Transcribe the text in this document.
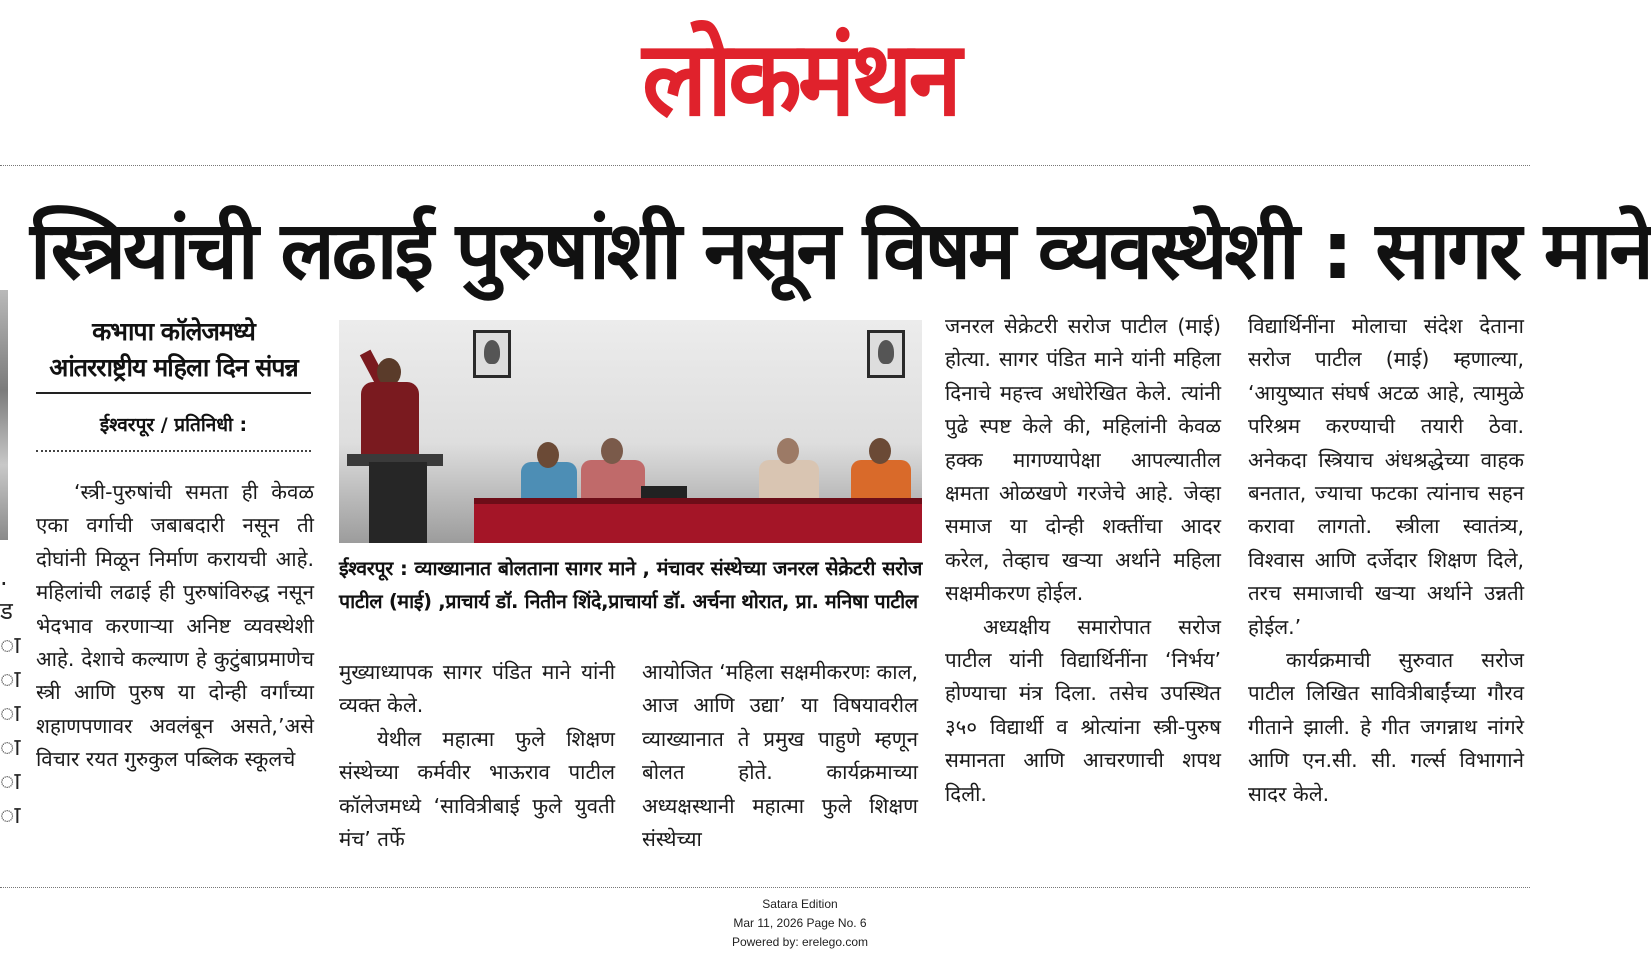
लोकमंथन
स्त्रियांची लढाई पुरुषांशी नसून विषम व्यवस्थेशी : सागर माने
.
ड
ा
ा
ा
ा
ा
ा
कभापा कॉलेजमध्ये
आंतरराष्ट्रीय महिला दिन संपन्न
ईश्वरपूर / प्रतिनिधी :

‘स्त्री-पुरुषांची समता ही केवळ एका वर्गाची जबाबदारी नसून ती दोघांनी मिळून निर्माण करायची आहे. महिलांची लढाई ही पुरुषांविरुद्ध नसून भेदभाव करणाऱ्या अनिष्ट व्यवस्थेशी आहे. देशाचे कल्याण हे कुटुंबाप्रमाणेच स्त्री आणि पुरुष या दोन्ही वर्गांच्या शहाणपणावर अवलंबून असते,’असे विचार रयत गुरुकुल पब्लिक स्कूलचे

ईश्वरपूर : व्याख्यानात बोलताना सागर माने , मंचावर संस्थेच्या जनरल सेक्रेटरी सरोज पाटील (माई) ,प्राचार्य डॉ. नितीन शिंदे,प्राचार्या डॉ. अर्चना थोरात, प्रा. मनिषा पाटील

मुख्याध्यापक सागर पंडित माने यांनी व्यक्त केले.

येथील महात्मा फुले शिक्षण संस्थेच्या कर्मवीर भाऊराव पाटील कॉलेजमध्ये ‘सावित्रीबाई फुले युवती मंच’ तर्फे

आयोजित ‘महिला सक्षमीकरणः काल, आज आणि उद्या’ या विषयावरील व्याख्यानात ते प्रमुख पाहुणे म्हणून बोलत होते. कार्यक्रमाच्या अध्यक्षस्थानी महात्मा फुले शिक्षण संस्थेच्या

जनरल सेक्रेटरी सरोज पाटील (माई) होत्या. सागर पंडित माने यांनी महिला दिनाचे महत्त्व अधोरेखित केले. त्यांनी पुढे स्पष्ट केले की, महिलांनी केवळ हक्क मागण्यापेक्षा आपल्यातील क्षमता ओळखणे गरजेचे आहे. जेव्हा समाज या दोन्ही शक्तींचा आदर करेल, तेव्हाच खऱ्या अर्थाने महिला सक्षमीकरण होईल.

अध्यक्षीय समारोपात सरोज पाटील यांनी विद्यार्थिनींना ‘निर्भय’ होण्याचा मंत्र दिला. तसेच उपस्थित ३५० विद्यार्थी व श्रोत्यांना स्त्री-पुरुष समानता आणि आचरणाची शपथ दिली.

विद्यार्थिनींना मोलाचा संदेश देताना सरोज पाटील (माई) म्हणाल्या, ‘आयुष्यात संघर्ष अटळ आहे, त्यामुळे परिश्रम करण्याची तयारी ठेवा. अनेकदा स्त्रियाच अंधश्रद्धेच्या वाहक बनतात, ज्याचा फटका त्यांनाच सहन करावा लागतो. स्त्रीला स्वातंत्र्य, विश्वास आणि दर्जेदार शिक्षण दिले, तरच समाजाची खऱ्या अर्थाने उन्नती होईल.’

कार्यक्रमाची सुरुवात सरोज पाटील लिखित सावित्रीबाईंच्या गौरव गीताने झाली. हे गीत जगन्नाथ नांगरे आणि एन.सी. सी. गर्ल्स विभागाने सादर केले.

Satara Edition
Mar 11, 2026 Page No. 6
Powered by: erelego.com
